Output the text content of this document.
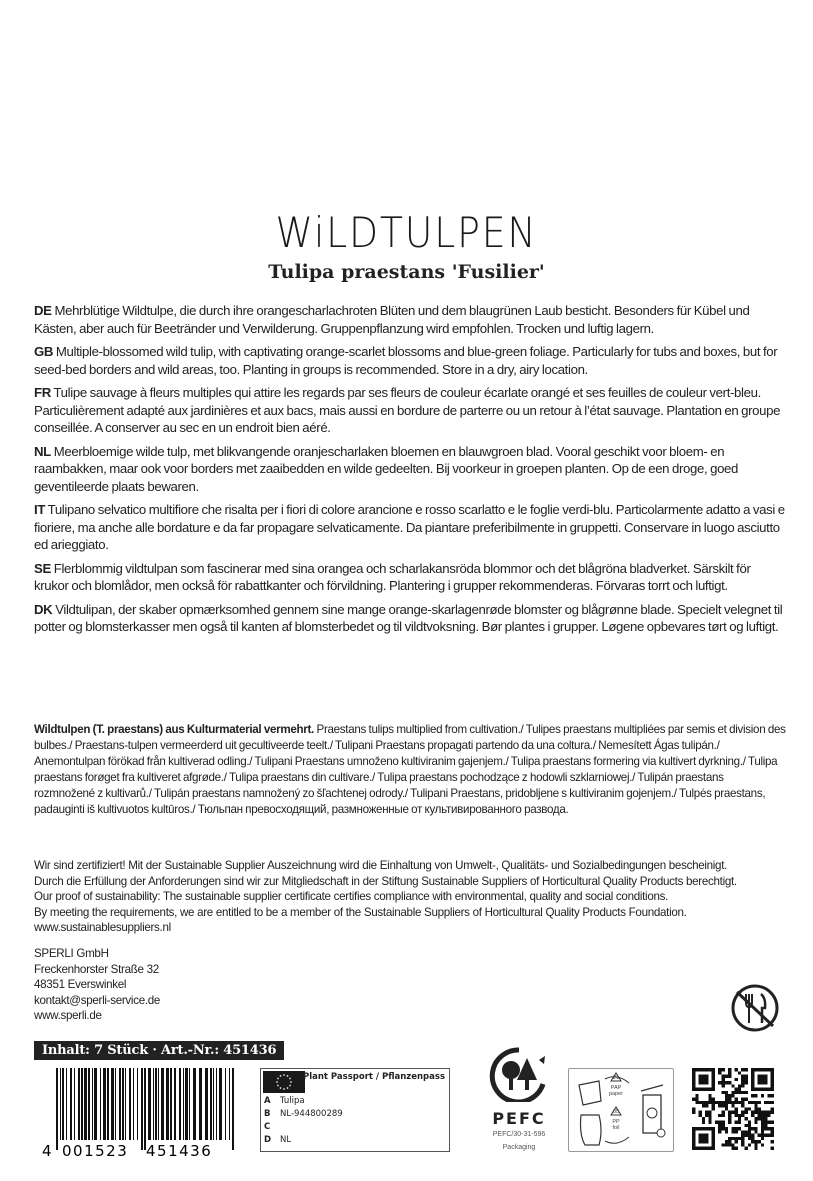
WiLDTULPEN
Tulipa praestans 'Fusilier'
DE Mehrblütige Wildtulpe, die durch ihre orangescharlachroten Blüten und dem blaugrünen Laub besticht. Besonders für Kübel und Kästen, aber auch für Beetränder und Verwilderung. Gruppenpflanzung wird empfohlen. Trocken und luftig lagern.
GB Multiple-blossomed wild tulip, with captivating orange-scarlet blossoms and blue-green foliage. Particularly for tubs and boxes, but for seed-bed borders and wild areas, too. Planting in groups is recommended. Store in a dry, airy location.
FR Tulipe sauvage à fleurs multiples qui attire les regards par ses fleurs de couleur écarlate orangé et ses feuilles de couleur vert-bleu. Particulièrement adapté aux jardinières et aux bacs, mais aussi en bordure de parterre ou un retour à l’état sauvage. Plantation en groupe conseillée. A conserver au sec en un endroit bien aéré.
NL Meerbloemige wilde tulp, met blikvangende oranjescharlaken bloemen en blauwgroen blad. Vooral geschikt voor bloem- en raambakken, maar ook voor borders met zaaibedden en wilde gedeelten. Bij voorkeur in groepen planten. Op de een droge, goed geventileerde plaats bewaren.
IT Tulipano selvatico multifiore che risalta per i fiori di colore arancione e rosso scarlatto e le foglie verdi-blu. Particolarmente adatto a vasi e fioriere, ma anche alle bordature e da far propagare selvaticamente. Da piantare preferibilmente in gruppetti. Conservare in luogo asciutto ed arieggiato.
SE Flerblommig vildtulpan som fascinerar med sina orangea och scharlakansröda blommor och det blågröna bladverket. Särskilt för krukor och blomlådor, men också för rabattkanter och förvildning. Plantering i grupper rekommenderas. Förvaras torrt och luftigt.
DK Vildtulipan, der skaber opmærksomhed gennem sine mange orange-skarlagenrøde blomster og blågrønne blade. Specielt velegnet til potter og blomsterkasser men også til kanten af blomsterbedet og til vildtvoksning. Bør plantes i grupper. Løgene opbevares tørt og luftigt.
Wildtulpen (T. praestans) aus Kulturmaterial vermehrt. Praestans tulips multiplied from cultivation./ Tulipes praestans multipliées par semis et division des bulbes./ Praestans-tulpen vermeerderd uit gecultiveerde teelt./ Tulipani Praestans propagati partendo da una coltura./ Nemesített Ágas tulipán./ Anemontulpan förökad från kultiverad odling./ Tulipani Praestans umnoženo kultiviranim gajenjem./ Tulipa praestans formering via kultivert dyrkning./ Tulipa praestans forøget fra kultiveret afgrøde./ Tulipa praestans din cultivare./ Tulipa praestans pochodzące z hodowli szklarniowej./ Tulipán praestans rozmnožené z kultivarů./ Tulipán praestans namnožený zo šľachtenej odrody./ Tulipani Praestans, pridobljene s kultiviranim gojenjem./ Tulpės praestans, padauginti iš kultivuotos kultūros./ Тюльпан превосходящий, размноженные от культивированного развода.
Wir sind zertifiziert! Mit der Sustainable Supplier Auszeichnung wird die Einhaltung von Umwelt-, Qualitäts- und Sozialbedingungen bescheinigt.
Durch die Erfüllung der Anforderungen sind wir zur Mitgliedschaft in der Stiftung Sustainable Suppliers of Horticultural Quality Products berechtigt.
Our proof of sustainability: The sustainable supplier certificate certifies compliance with environmental, quality and social conditions.
By meeting the requirements, we are entitled to be a member of the Sustainable Suppliers of Horticultural Quality Products Foundation.
www.sustainablesuppliers.nl
SPERLI GmbH
Freckenhorster Straße 32
48351 Everswinkel
kontakt@sperli-service.de
www.sperli.de
Inhalt: 7 Stück · Art.-Nr.: 451436
4 001523 451436
Plant Passport / Pflanzenpass
A Tulipa
B NL-944800289
C
D NL
PEFC
PEFC/30-31-596
Packaging
21
PAP
paper
05
PP
foil
